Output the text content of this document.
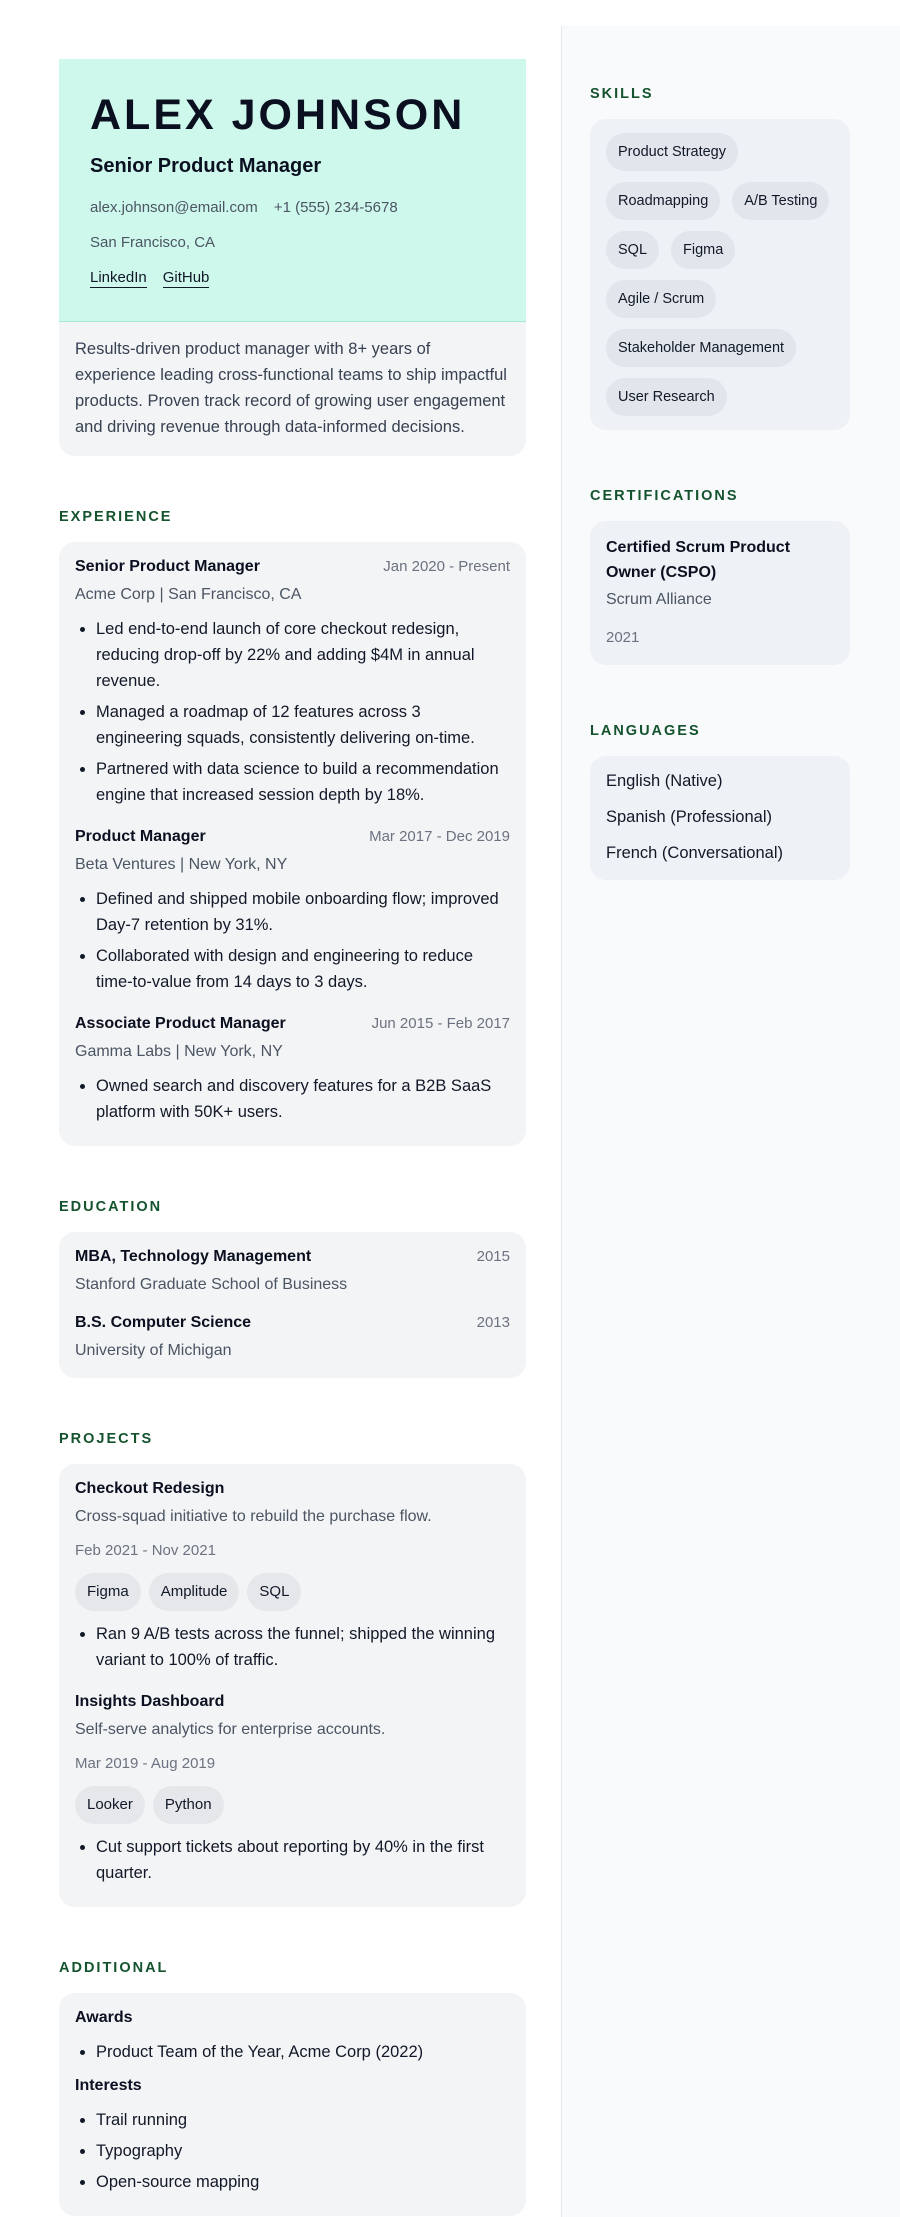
ALEX JOHNSON
Senior Product Manager
alex.johnson@email.com +1 (555) 234-5678
San Francisco, CA
LinkedIn GitHub
Results-driven product manager with 8+ years of experience leading cross-functional teams to ship impactful products. Proven track record of growing user engagement and driving revenue through data-informed decisions.
EXPERIENCE
Senior Product Manager	Jan 2020 - Present
Acme Corp | San Francisco, CA
• Led end-to-end launch of core checkout redesign, reducing drop-off by 22% and adding $4M in annual revenue.
• Managed a roadmap of 12 features across 3 engineering squads, consistently delivering on-time.
• Partnered with data science to build a recommendation engine that increased session depth by 18%.
Product Manager	Mar 2017 - Dec 2019
Beta Ventures | New York, NY
• Defined and shipped mobile onboarding flow; improved Day-7 retention by 31%.
• Collaborated with design and engineering to reduce time-to-value from 14 days to 3 days.
Associate Product Manager	Jun 2015 - Feb 2017
Gamma Labs | New York, NY
• Owned search and discovery features for a B2B SaaS platform with 50K+ users.
EDUCATION
MBA, Technology Management	2015
Stanford Graduate School of Business
B.S. Computer Science	2013
University of Michigan
PROJECTS
Checkout Redesign
Cross-squad initiative to rebuild the purchase flow.
Feb 2021 - Nov 2021
Figma	Amplitude	SQL
• Ran 9 A/B tests across the funnel; shipped the winning variant to 100% of traffic.
Insights Dashboard
Self-serve analytics for enterprise accounts.
Mar 2019 - Aug 2019
Looker	Python
• Cut support tickets about reporting by 40% in the first quarter.
ADDITIONAL
Awards
• Product Team of the Year, Acme Corp (2022)
Interests
• Trail running
• Typography
• Open-source mapping
SKILLS
Product Strategy
Roadmapping	A/B Testing
SQL	Figma
Agile / Scrum
Stakeholder Management
User Research
CERTIFICATIONS
Certified Scrum Product Owner (CSPO)
Scrum Alliance
2021
LANGUAGES
English (Native)
Spanish (Professional)
French (Conversational)
